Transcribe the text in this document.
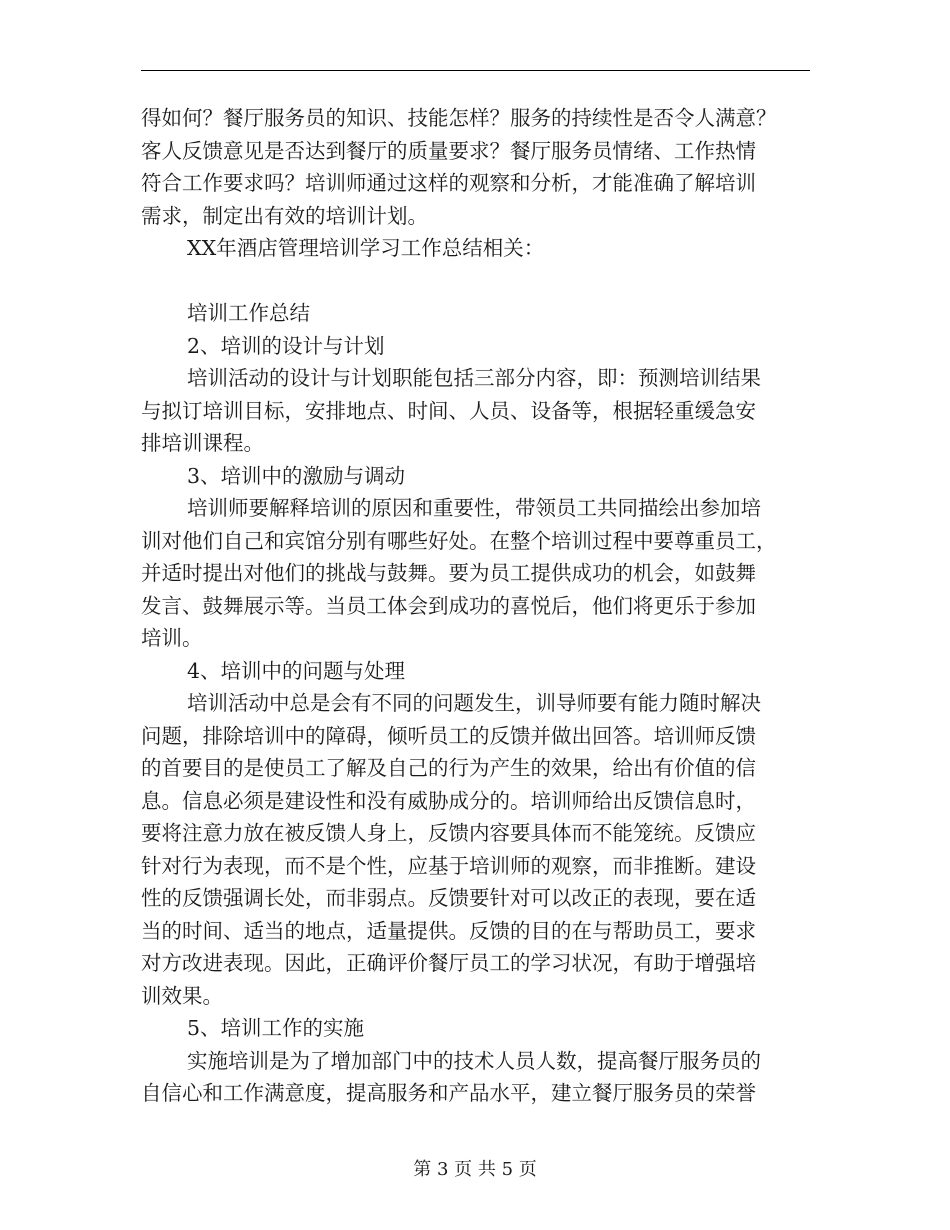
得如何？餐厅服务员的知识、技能怎样？服务的持续性是否令人满意？
客人反馈意见是否达到餐厅的质量要求？餐厅服务员情绪、工作热情
符合工作要求吗？培训师通过这样的观察和分析，才能准确了解培训
需求，制定出有效的培训计划。
XX年酒店管理培训学习工作总结相关：
培训工作总结
2、培训的设计与计划
培训活动的设计与计划职能包括三部分内容，即：预测培训结果
与拟订培训目标，安排地点、时间、人员、设备等，根据轻重缓急安
排培训课程。
3、培训中的激励与调动
培训师要解释培训的原因和重要性，带领员工共同描绘出参加培
训对他们自己和宾馆分别有哪些好处。在整个培训过程中要尊重员工，
并适时提出对他们的挑战与鼓舞。要为员工提供成功的机会，如鼓舞
发言、鼓舞展示等。当员工体会到成功的喜悦后，他们将更乐于参加
培训。
4、培训中的问题与处理
培训活动中总是会有不同的问题发生，训导师要有能力随时解决
问题，排除培训中的障碍，倾听员工的反馈并做出回答。培训师反馈
的首要目的是使员工了解及自己的行为产生的效果，给出有价值的信
息。信息必须是建设性和没有威胁成分的。培训师给出反馈信息时，
要将注意力放在被反馈人身上，反馈内容要具体而不能笼统。反馈应
针对行为表现，而不是个性，应基于培训师的观察，而非推断。建设
性的反馈强调长处，而非弱点。反馈要针对可以改正的表现，要在适
当的时间、适当的地点，适量提供。反馈的目的在与帮助员工，要求
对方改进表现。因此，正确评价餐厅员工的学习状况，有助于增强培
训效果。
5、培训工作的实施
实施培训是为了增加部门中的技术人员人数，提高餐厅服务员的
自信心和工作满意度，提高服务和产品水平，建立餐厅服务员的荣誉
第 3 页 共 5 页
